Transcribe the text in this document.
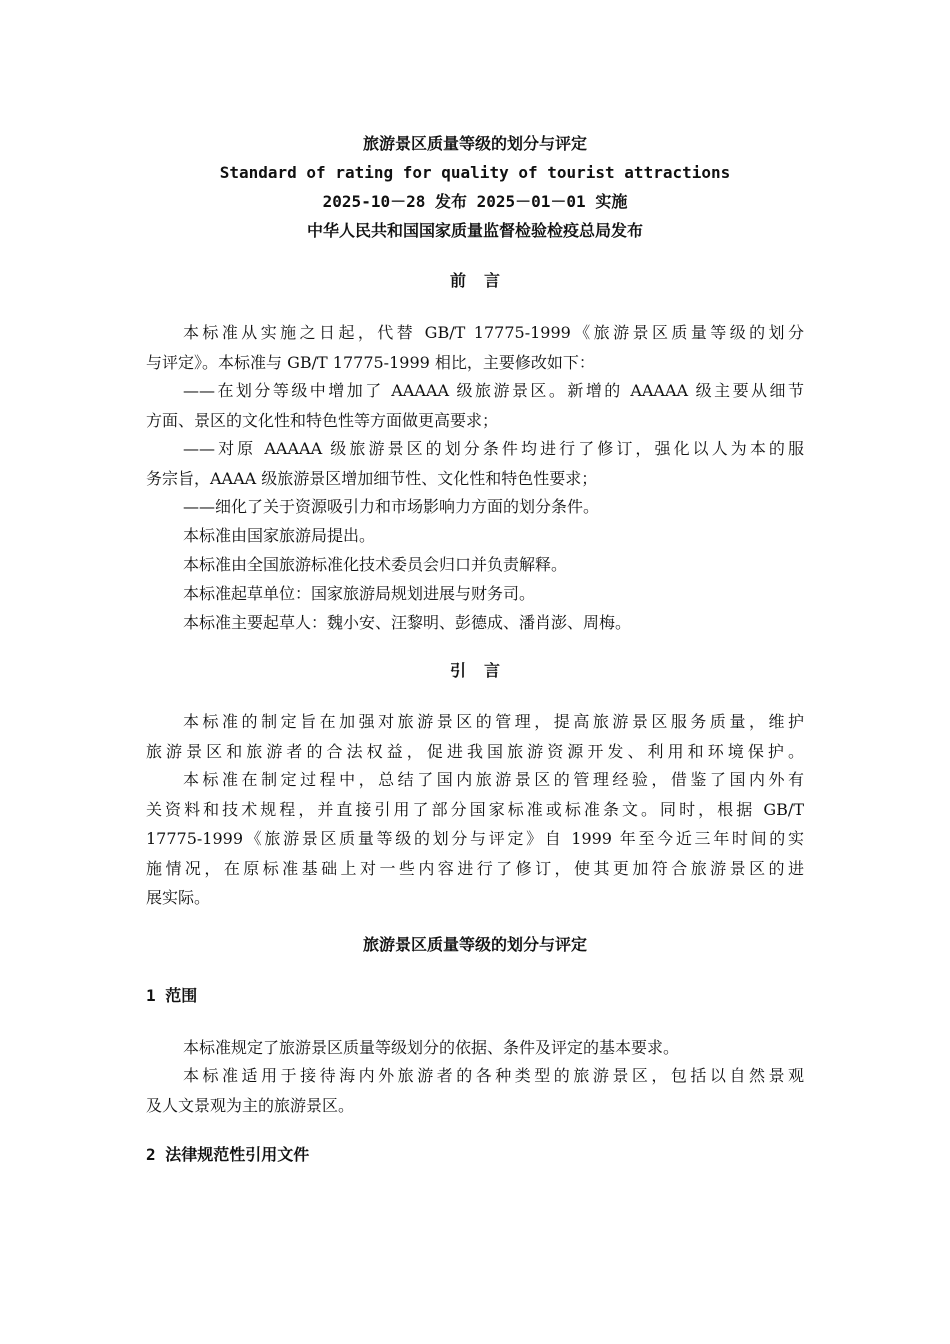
旅游景区质量等级的划分与评定
Standard of rating for quality of tourist attractions
2025-10－28 发布 2025－01－01 实施
中华人民共和国国家质量监督检验检疫总局发布
前言
本标准从实施之日起，代替 GB/T 17775-1999《旅游景区质量等级的划分
与评定》。本标准与 GB/T 17775-1999 相比，主要修改如下：
——在划分等级中增加了 AAAAA 级旅游景区。新增的 AAAAA 级主要从细节
方面、景区的文化性和特色性等方面做更高要求；
——对原 AAAAA 级旅游景区的划分条件均进行了修订，强化以人为本的服
务宗旨，AAAA 级旅游景区增加细节性、文化性和特色性要求；
——细化了关于资源吸引力和市场影响力方面的划分条件。
本标准由国家旅游局提出。
本标准由全国旅游标准化技术委员会归口并负责解释。
本标准起草单位：国家旅游局规划进展与财务司。
本标准主要起草人：魏小安、汪黎明、彭德成、潘肖澎、周梅。
引言
本标准的制定旨在加强对旅游景区的管理，提高旅游景区服务质量，维护
旅游景区和旅游者的合法权益，促进我国旅游资源开发、利用和环境保护。
本标准在制定过程中，总结了国内旅游景区的管理经验，借鉴了国内外有
关资料和技术规程，并直接引用了部分国家标准或标准条文。同时，根据 GB/T
17775-1999《旅游景区质量等级的划分与评定》自 1999 年至今近三年时间的实
施情况，在原标准基础上对一些内容进行了修订，使其更加符合旅游景区的进
展实际。
旅游景区质量等级的划分与评定
1 范围
本标准规定了旅游景区质量等级划分的依据、条件及评定的基本要求。
本标准适用于接待海内外旅游者的各种类型的旅游景区，包括以自然景观
及人文景观为主的旅游景区。
2 法律规范性引用文件
